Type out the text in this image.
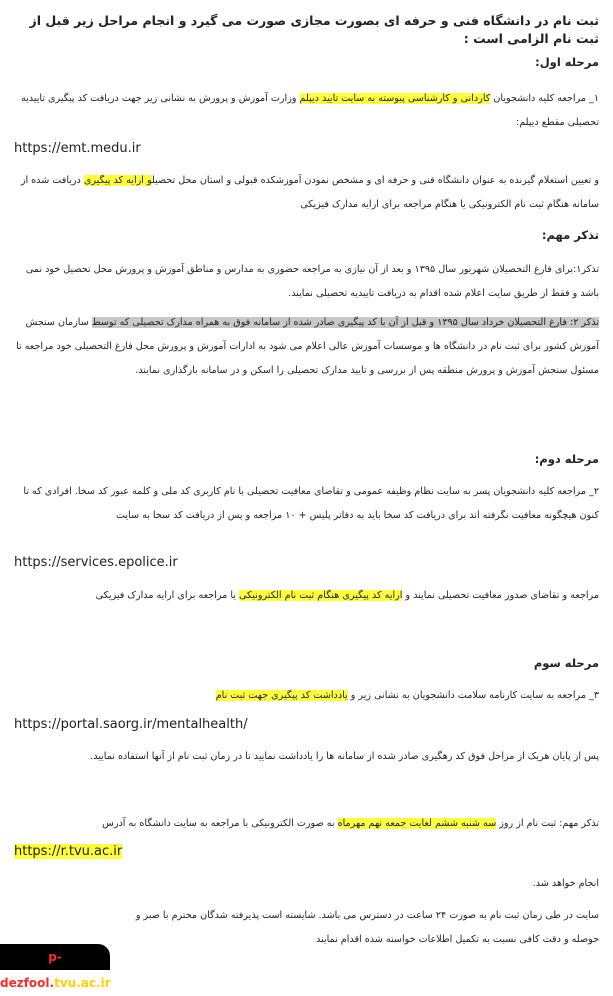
ثبت نام در دانشگاه فنی و حرفه ای بصورت مجازی صورت می گیرد و انجام مراحل زیر قبل از ثبت نام الزامی است :
مرحله اول:
۱_ مراجعه کلیه دانشجویان کاردانی و کارشناسی پیوسته به سایت تایید دیپلم وزارت آموزش و پرورش به نشانی زیر جهت دریافت کد پیگیری تاییدیه تحصیلی مقطع دیپلم:
https://emt.medu.ir
و تعیین استعلام گیرنده به عنوان دانشگاه فنی و حرفه ای و مشخص نمودن آموزشکده قبولی و استان محل تحصیلو ارایه کد پیگیری دریافت شده از سامانه هنگام ثبت نام الکترونیکی یا هنگام مراجعه برای ارایه مدارک فیزیکی
تذکر مهم:
تذکر۱:برای فارغ التحصیلان شهریور سال ۱۳۹۵ و بعد از آن نیازی به مراجعه حضوری به مدارس و مناطق آموزش و پرورش محل تحصیل خود نمی باشد و فقط از طریق سایت اعلام شده اقدام به دریافت تاییدیه تحصیلی نمایند.
تذکر ۲: فارغ التحصیلان خرداد سال ۱۳۹۵ و قبل از آن با کد پیگیری صادر شده از سامانه فوق به همراه مدارک تحصیلی که توسط سازمان سنجش آموزش کشور برای ثبت نام در دانشگاه ها و موسسات آموزش عالی اعلام می شود به ادارات آموزش و پرورش محل فارغ التحصیلی خود مراجعه تا مسئول سنجش آموزش و پرورش منطقه پس از بررسی و تایید مدارک تحصیلی را اسکن و در سامانه بارگذاری نمایند.
مرحله دوم:
۲_ مراجعه کلیه دانشجویان پسر به سایت نظام وظیفه عمومی و تقاضای معافیت تحصیلی با نام کاربری کد ملی و کلمه عبور کد سخا. افرادی که تا کنون هیچگونه معافیت نگرفته اند برای دریافت کد سخا باید به دفاتر پلیس + ۱۰ مراجعه و پس از دریافت کد سخا به سایت
https://services.epolice.ir
مراجعه و تقاضای صدور معافیت تحصیلی نمایند و ارایه کد پیگیری هنگام ثبت نام الکترونیکی یا مراجعه برای ارایه مدارک فیزیکی
مرحله سوم
۳_ مراجعه به سایت کارنامه سلامت دانشجویان به نشانی زیر و یادداشت کد پیگیری جهت ثبت نام
https://portal.saorg.ir/mentalhealth/
پس از پایان هریک از مراحل فوق کد رهگیری صادر شده از سامانه ها را یادداشت نمایید تا در زمان ثبت نام از آنها استفاده نمایید.
تذکر مهم: ثبت نام از روز سه شنبه ششم لغایت جمعه نهم مهرماه به صورت الکترونیکی با مراجعه به سایت دانشگاه به آدرس
https://r.tvu.ac.ir
انجام خواهد شد.
سایت در طی زمان ثبت نام به صورت ۲۴ ساعت در دسترس می باشد. شایسته است پذیرفته شدگان محترم با صبر و حوصله و دقت کافی نسبت به تکمیل اطلاعات خواسته شده اقدام نمایند
p-dezfool.tvu.ac.ir
